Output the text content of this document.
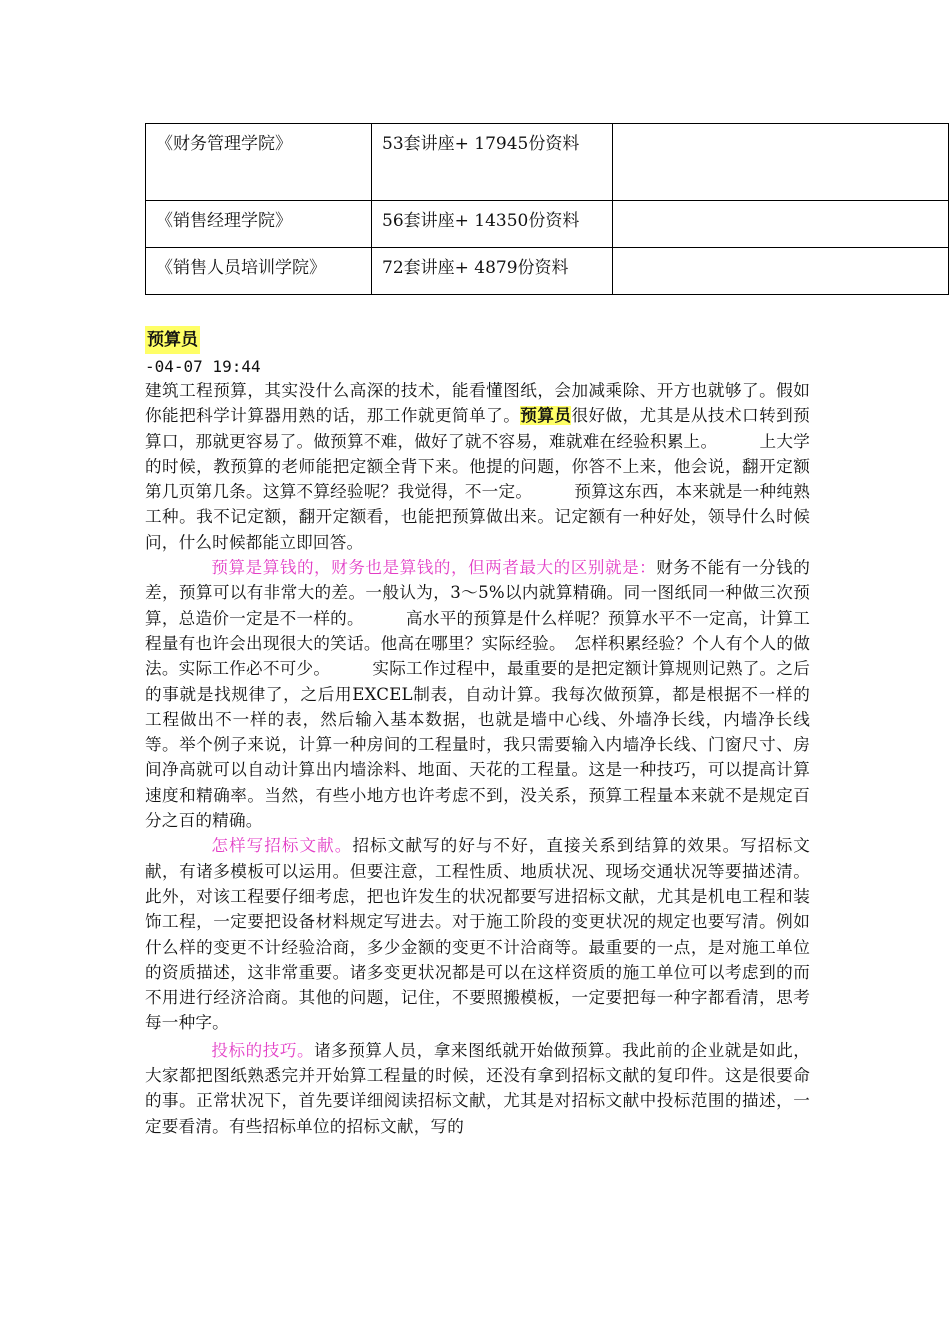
《财务管理学院》	53套讲座+ 17945份资料	
《销售经理学院》	56套讲座+ 14350份资料	
《销售人员培训学院》	72套讲座+ 4879份资料	
预算员
-04-07 19:44

建筑工程预算，其实没什么高深的技术，能看懂图纸，会加减乘除、开方也就够了。假如你能把科学计算器用熟的话，那工作就更简单了。预算员很好做，尤其是从技术口转到预算口，那就更容易了。做预算不难，做好了就不容易，难就难在经验积累上。　　　上大学的时候，教预算的老师能把定额全背下来。他提的问题，你答不上来，他会说，翻开定额第几页第几条。这算不算经验呢？我觉得，不一定。　　　预算这东西，本来就是一种纯熟工种。我不记定额，翻开定额看，也能把预算做出来。记定额有一种好处，领导什么时候问，什么时候都能立即回答。

预算是算钱的，财务也是算钱的，但两者最大的区别就是：财务不能有一分钱的差，预算可以有非常大的差。一般认为，3～5%以内就算精确。同一图纸同一种做三次预算，总造价一定是不一样的。　　　高水平的预算是什么样呢？预算水平不一定高，计算工程量有也许会出现很大的笑话。他高在哪里？实际经验。　怎样积累经验？个人有个人的做法。实际工作必不可少。　　　实际工作过程中，最重要的是把定额计算规则记熟了。之后的事就是找规律了，之后用EXCEL制表，自动计算。我每次做预算，都是根据不一样的工程做出不一样的表，然后输入基本数据，也就是墙中心线、外墙净长线，内墙净长线等。举个例子来说，计算一种房间的工程量时，我只需要输入内墙净长线、门窗尺寸、房间净高就可以自动计算出内墙涂料、地面、天花的工程量。这是一种技巧，可以提高计算速度和精确率。当然，有些小地方也许考虑不到，没关系，预算工程量本来就不是规定百分之百的精确。

怎样写招标文献。招标文献写的好与不好，直接关系到结算的效果。写招标文献，有诸多模板可以运用。但要注意，工程性质、地质状况、现场交通状况等要描述清。此外，对该工程要仔细考虑，把也许发生的状况都要写进招标文献，尤其是机电工程和装饰工程，一定要把设备材料规定写进去。对于施工阶段的变更状况的规定也要写清。例如什么样的变更不计经验洽商，多少金额的变更不计洽商等。最重要的一点，是对施工单位的资质描述，这非常重要。诸多变更状况都是可以在这样资质的施工单位可以考虑到的而不用进行经济洽商。其他的问题，记住，不要照搬模板，一定要把每一种字都看清，思考每一种字。

投标的技巧。诸多预算人员，拿来图纸就开始做预算。我此前的企业就是如此，大家都把图纸熟悉完并开始算工程量的时候，还没有拿到招标文献的复印件。这是很要命的事。正常状况下，首先要详细阅读招标文献，尤其是对招标文献中投标范围的描述，一定要看清。有些招标单位的招标文献，写的
